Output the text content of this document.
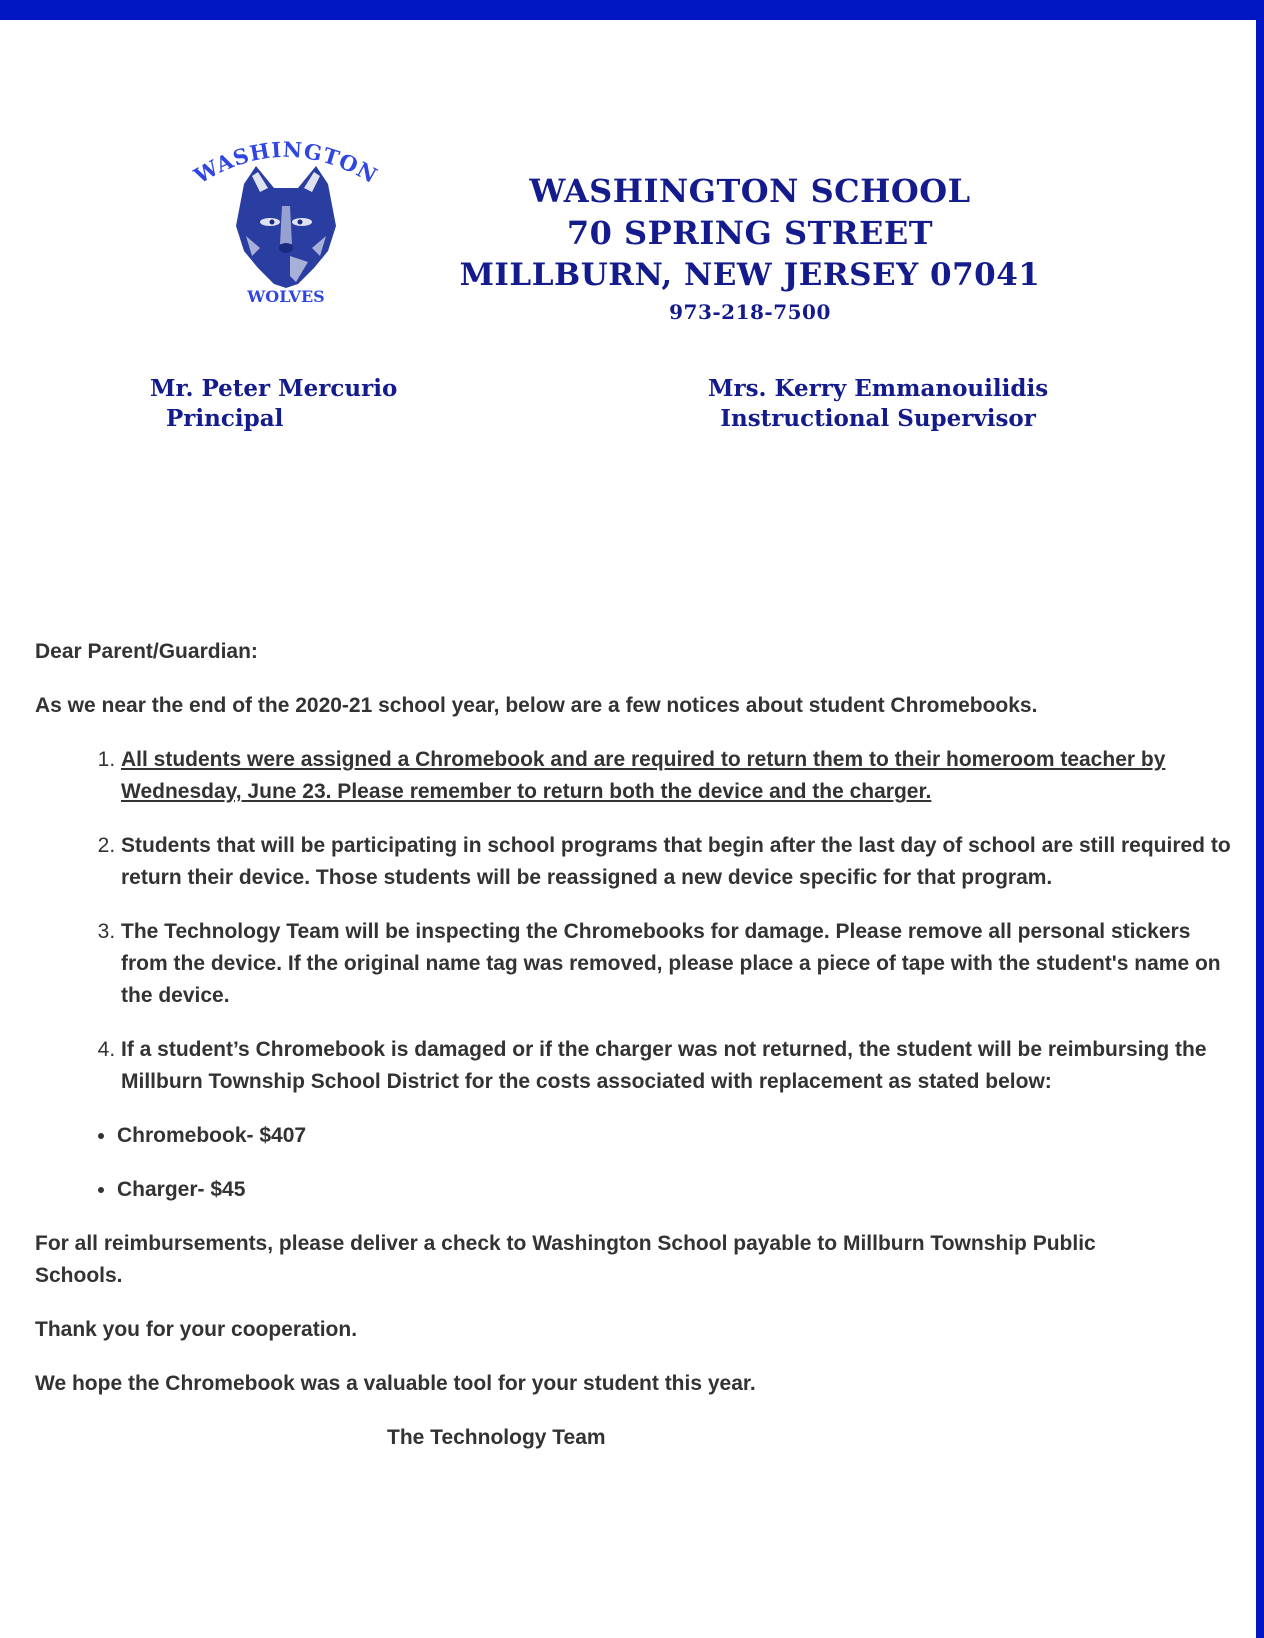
WASHINGTON
WOLVES
WASHINGTON SCHOOL
70 SPRING STREET
MILLBURN, NEW JERSEY 07041
973-218-7500
Mr. Peter Mercurio
Principal
Mrs. Kerry Emmanouilidis
Instructional Supervisor

Dear Parent/Guardian:

As we near the end of the 2020-21 school year, below are a few notices about student Chromebooks.

1. All students were assigned a Chromebook and are required to return them to their homeroom teacher by Wednesday, June 23. Please remember to return both the device and the charger.
2. Students that will be participating in school programs that begin after the last day of school are still required to return their device. Those students will be reassigned a new device specific for that program.
3. The Technology Team will be inspecting the Chromebooks for damage. Please remove all personal stickers from the device. If the original name tag was removed, please place a piece of tape with the student's name on the device.
4. If a student’s Chromebook is damaged or if the charger was not returned, the student will be reimbursing the Millburn Township School District for the costs associated with replacement as stated below:
• Chromebook- $407
• Charger- $45

For all reimbursements, please deliver a check to Washington School payable to Millburn Township Public Schools.

Thank you for your cooperation.

We hope the Chromebook was a valuable tool for your student this year.

The Technology Team
